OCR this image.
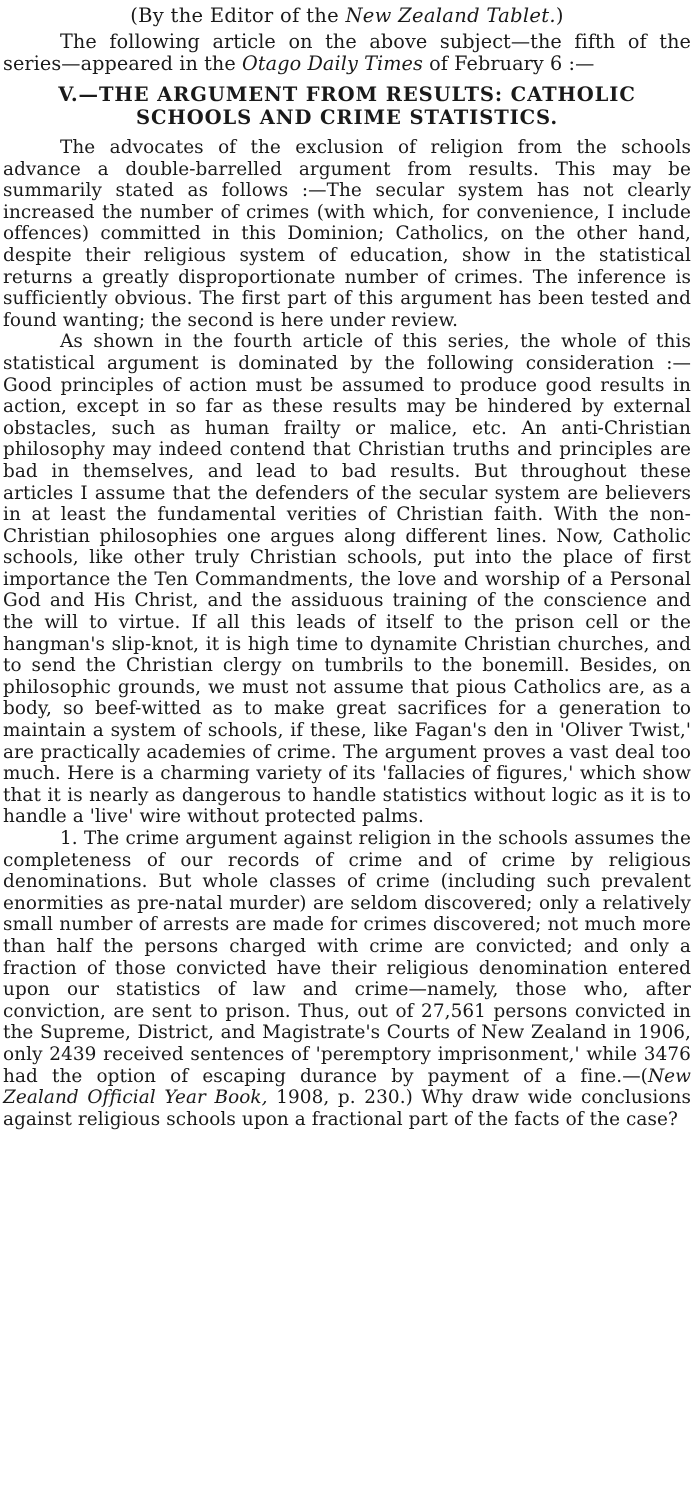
(By the Editor of the New Zealand Tablet.)

The following article on the above subject—the fifth of the series—appeared in the Otago Daily Times of February 6 :—

V.—THE ARGUMENT FROM RESULTS: CATHOLIC
SCHOOLS AND CRIME STATISTICS.

The advocates of the exclusion of religion from the schools advance a double-barrelled argument from results. This may be summarily stated as follows :—The secular system has not clearly increased the number of crimes (with which, for convenience, I include offences) committed in this Dominion; Catholics, on the other hand, despite their religious system of education, show in the statistical returns a greatly disproportionate number of crimes. The inference is sufficiently obvious. The first part of this argument has been tested and found wanting; the second is here under review.

As shown in the fourth article of this series, the whole of this statistical argument is dominated by the following consideration :—Good principles of action must be assumed to produce good results in action, except in so far as these results may be hindered by external obstacles, such as human frailty or malice, etc. An anti-Christian philosophy may indeed contend that Christian truths and principles are bad in themselves, and lead to bad results. But throughout these articles I assume that the defenders of the secular system are believers in at least the fundamental verities of Christian faith. With the non-Christian philosophies one argues along different lines. Now, Catholic schools, like other truly Christian schools, put into the place of first importance the Ten Commandments, the love and worship of a Personal God and His Christ, and the assiduous training of the conscience and the will to virtue. If all this leads of itself to the prison cell or the hangman's slip-knot, it is high time to dynamite Christian churches, and to send the Christian clergy on tumbrils to the bonemill. Besides, on philosophic grounds, we must not assume that pious Catholics are, as a body, so beef-witted as to make great sacrifices for a generation to maintain a system of schools, if these, like Fagan's den in 'Oliver Twist,' are practically academies of crime. The argument proves a vast deal too much. Here is a charming variety of its 'fallacies of figures,' which show that it is nearly as dangerous to handle statistics without logic as it is to handle a 'live' wire without protected palms.

1. The crime argument against religion in the schools assumes the completeness of our records of crime and of crime by religious denominations. But whole classes of crime (including such prevalent enormities as pre-natal murder) are seldom discovered; only a relatively small number of arrests are made for crimes discovered; not much more than half the persons charged with crime are convicted; and only a fraction of those convicted have their religious denomination entered upon our statistics of law and crime—namely, those who, after conviction, are sent to prison. Thus, out of 27,561 persons convicted in the Supreme, District, and Magistrate's Courts of New Zealand in 1906, only 2439 received sentences of 'peremptory imprisonment,' while 3476 had the option of escaping durance by payment of a fine.—(New Zealand Official Year Book, 1908, p. 230.) Why draw wide conclusions against religious schools upon a fractional part of the facts of the case?
